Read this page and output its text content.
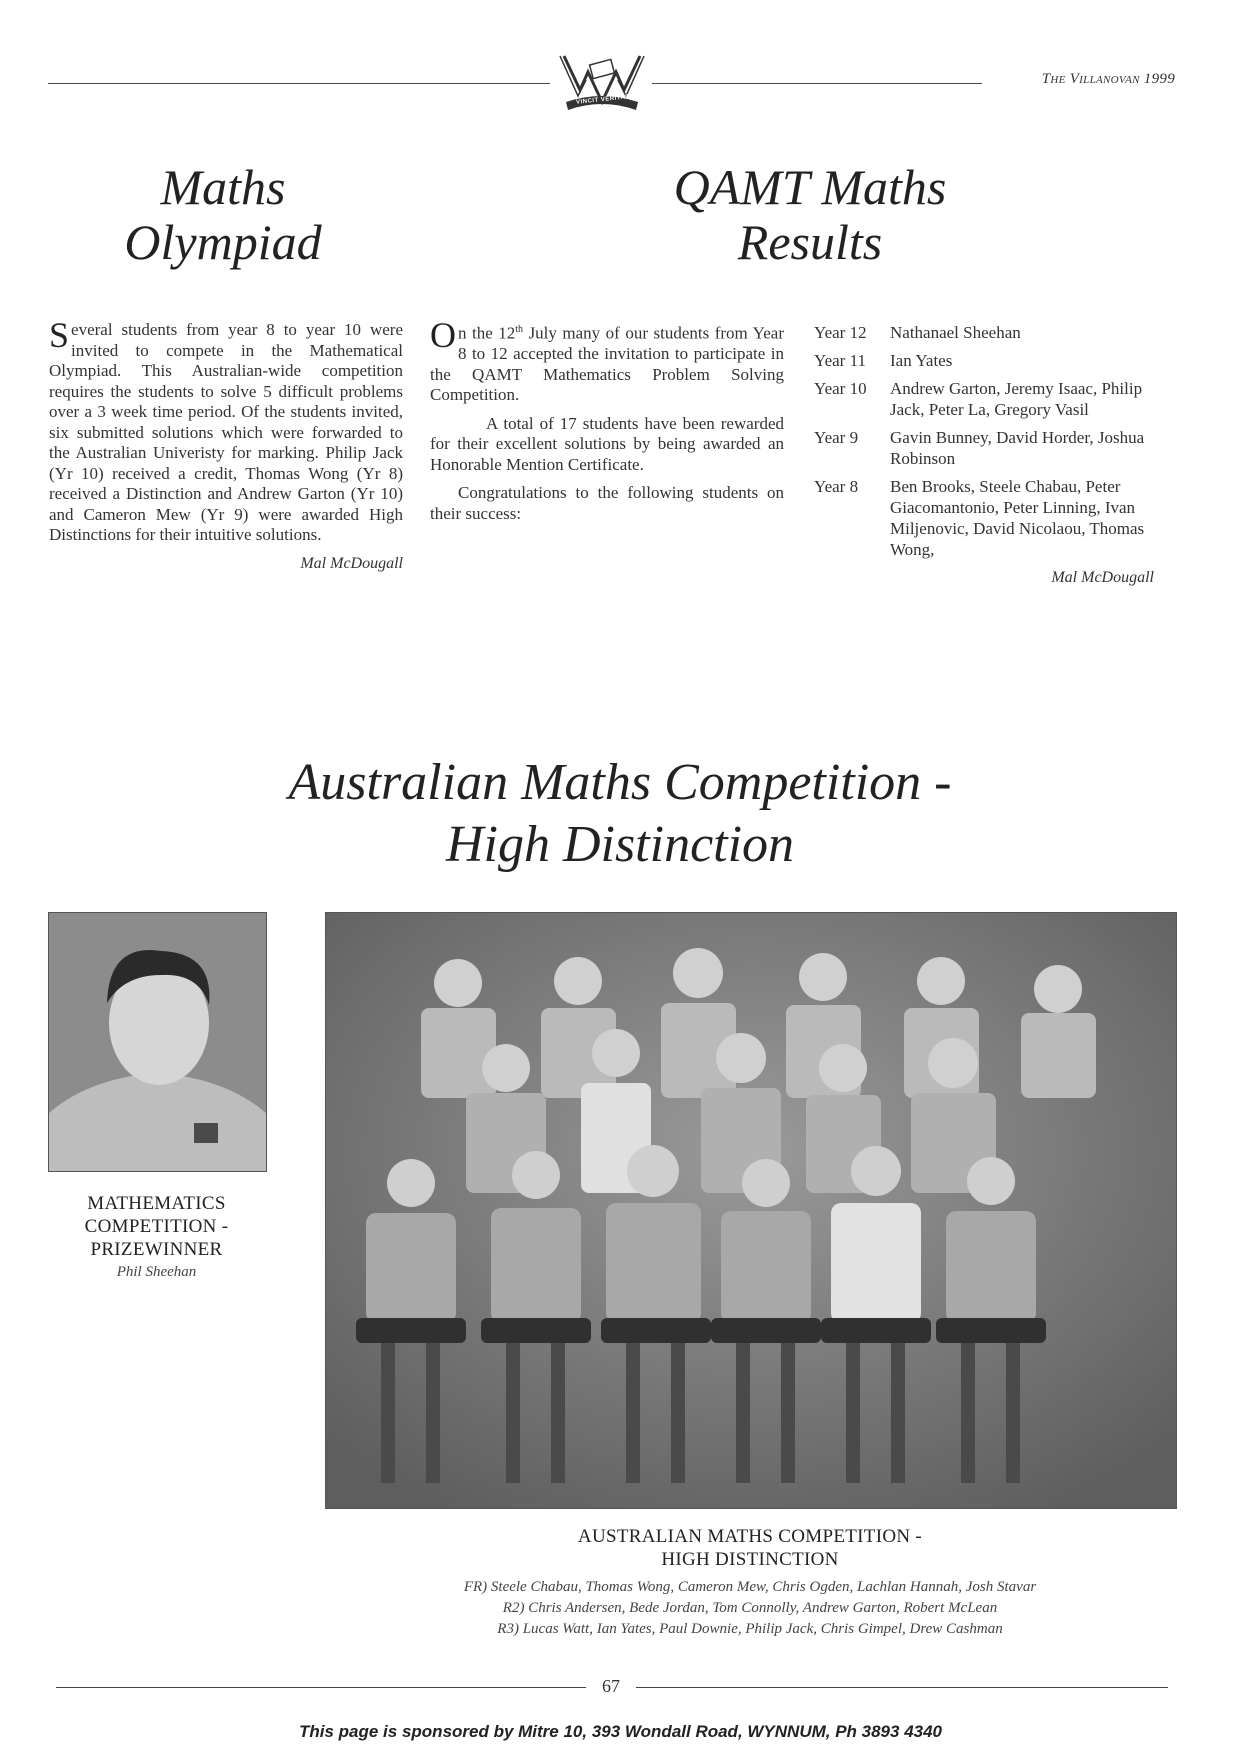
VINCIT VERITAS
The Villanovan 1999
Maths
Olympiad
QAMT Maths
Results

Several students from year 8 to year 10 were invited to compete in the Mathematical Olympiad. This Australian-wide competition requires the students to solve 5 difficult problems over a 3 week time period. Of the students invited, six submitted solutions which were forwarded to the Australian Univeristy for marking. Philip Jack (Yr 10) received a credit, Thomas Wong (Yr 8) received a Distinction and Andrew Garton (Yr 10) and Cameron Mew (Yr 9) were awarded High Distinctions for their intuitive solutions.

Mal McDougall

On the 12th July many of our students from Year 8 to 12 accepted the invitation to participate in the QAMT Mathematics Problem Solving Competition.

A total of 17 students have been rewarded for their excellent solutions by being awarded an Honorable Mention Certificate.

Congratulations to the following students on their success:

Year 12	Nathanael Sheehan
Year 11	Ian Yates
Year 10	Andrew Garton, Jeremy Isaac, Philip Jack, Peter La, Gregory Vasil
Year 9	Gavin Bunney, David Horder, Joshua Robinson
Year 8	Ben Brooks, Steele Chabau, Peter Giacomantonio, Peter Linning, Ivan Miljenovic, David Nicolaou, Thomas Wong,
Mal McDougall
Australian Maths Competition -
High Distinction
MATHEMATICS
COMPETITION -
PRIZEWINNER
Phil Sheehan
AUSTRALIAN MATHS COMPETITION -
HIGH DISTINCTION
FR) Steele Chabau, Thomas Wong, Cameron Mew, Chris Ogden, Lachlan Hannah, Josh Stavar
R2) Chris Andersen, Bede Jordan, Tom Connolly, Andrew Garton, Robert McLean
R3) Lucas Watt, Ian Yates, Paul Downie, Philip Jack, Chris Gimpel, Drew Cashman
67
This page is sponsored by Mitre 10, 393 Wondall Road, WYNNUM, Ph 3893 4340
